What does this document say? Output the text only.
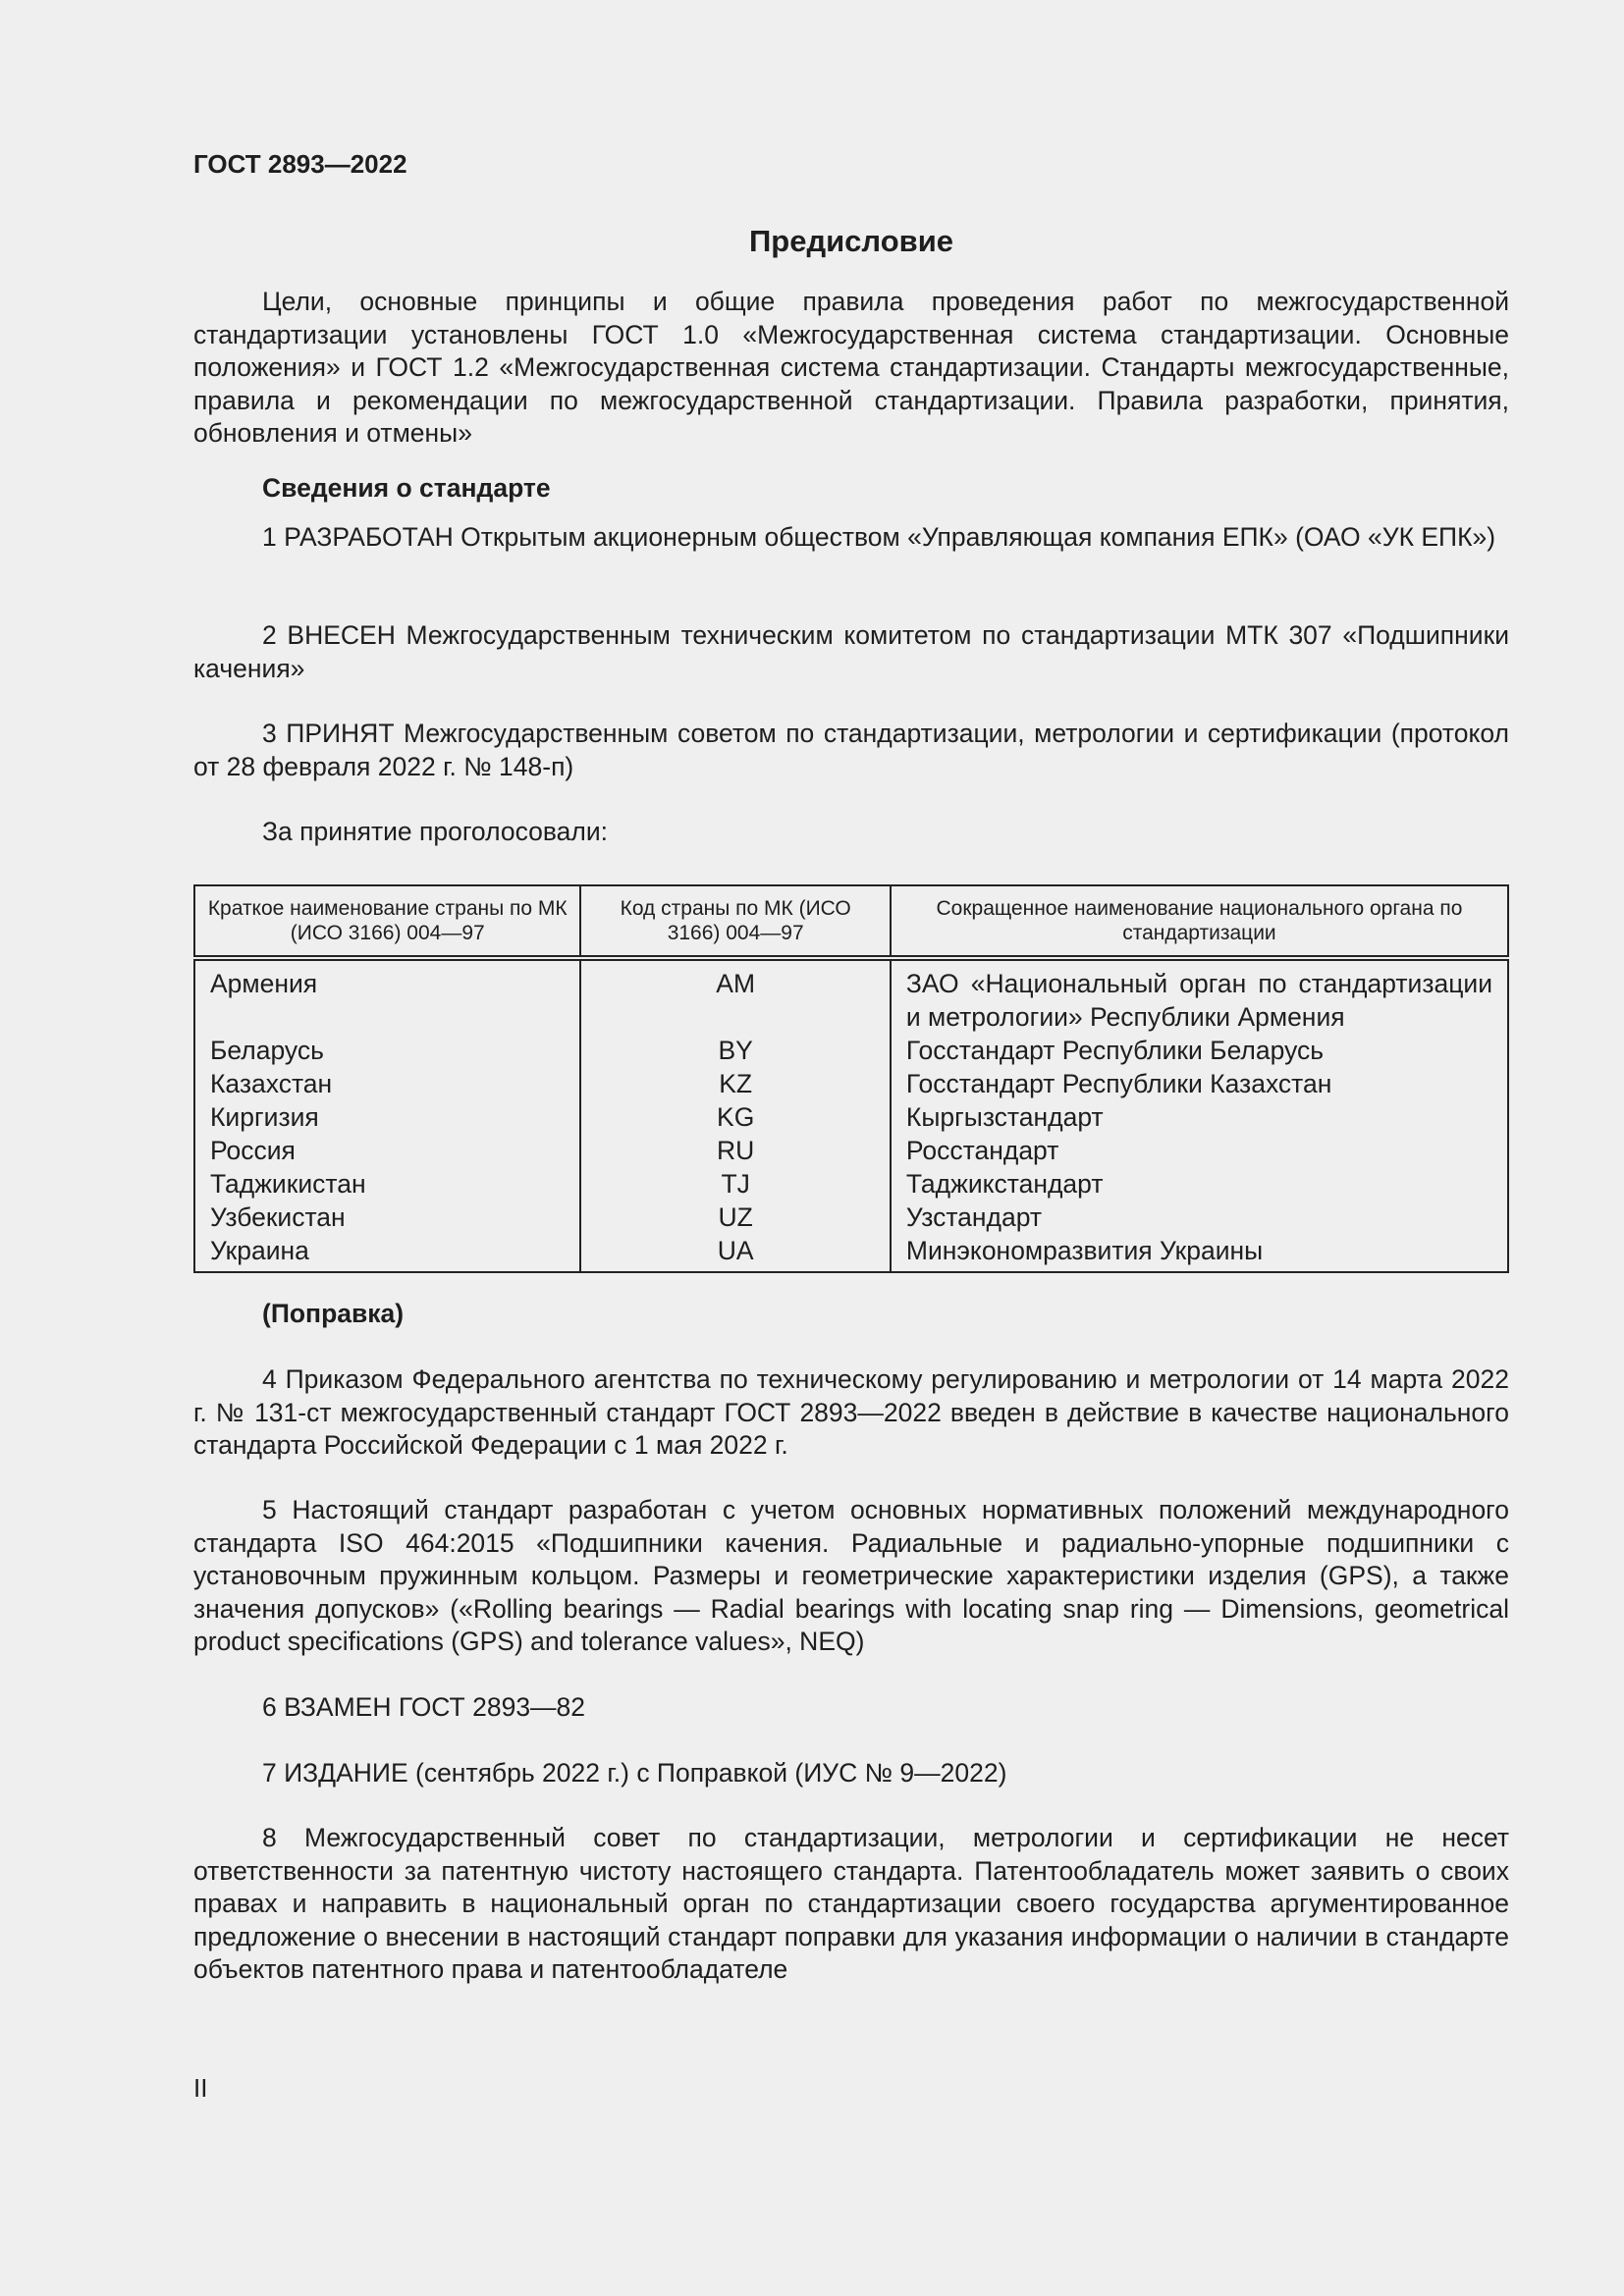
ГОСТ 2893—2022
Предисловие

Цели, основные принципы и общие правила проведения работ по межгосударственной стандартизации установлены ГОСТ 1.0 «Межгосударственная система стандартизации. Основные положения» и ГОСТ 1.2 «Межгосударственная система стандартизации. Стандарты межгосударственные, правила и рекомендации по межгосударственной стандартизации. Правила разработки, принятия, обновления и отмены»

Сведения о стандарте

1 РАЗРАБОТАН Открытым акционерным обществом «Управляющая компания ЕПК» (ОАО «УК ЕПК»)

2 ВНЕСЕН Межгосударственным техническим комитетом по стандартизации МТК 307 «Подшипники качения»

3 ПРИНЯТ Межгосударственным советом по стандартизации, метрологии и сертификации (протокол от 28 февраля 2022 г. № 148-п)

За принятие проголосовали:
Краткое наименование страны по МК (ИСО 3166) 004—97	Код страны по МК (ИСО 3166) 004—97	Сокращенное наименование национального органа по стандартизации
Армения	AM	ЗАО «Национальный орган по стандартизации и метрологии» Республики Армения
Беларусь	BY	Госстандарт Республики Беларусь
Казахстан	KZ	Госстандарт Республики Казахстан
Киргизия	KG	Кыргызстандарт
Россия	RU	Росстандарт
Таджикистан	TJ	Таджикстандарт
Узбекистан	UZ	Узстандарт
Украина	UA	Минэкономразвития Украины
(Поправка)

4 Приказом Федерального агентства по техническому регулированию и метрологии от 14 марта 2022 г. № 131-ст межгосударственный стандарт ГОСТ 2893—2022 введен в действие в качестве национального стандарта Российской Федерации с 1 мая 2022 г.

5 Настоящий стандарт разработан с учетом основных нормативных положений международного стандарта ISO 464:2015 «Подшипники качения. Радиальные и радиально-упорные подшипники с установочным пружинным кольцом. Размеры и геометрические характеристики изделия (GPS), а также значения допусков» («Rolling bearings — Radial bearings with locating snap ring — Dimensions, geometrical product specifications (GPS) and tolerance values», NEQ)

6 ВЗАМЕН ГОСТ 2893—82

7 ИЗДАНИЕ (сентябрь 2022 г.) с Поправкой (ИУС № 9—2022)

8 Межгосударственный совет по стандартизации, метрологии и сертификации не несет ответственности за патентную чистоту настоящего стандарта. Патентообладатель может заявить о своих правах и направить в национальный орган по стандартизации своего государства аргументированное предложение о внесении в настоящий стандарт поправки для указания информации о наличии в стандарте объектов патентного права и патентообладателе

II
